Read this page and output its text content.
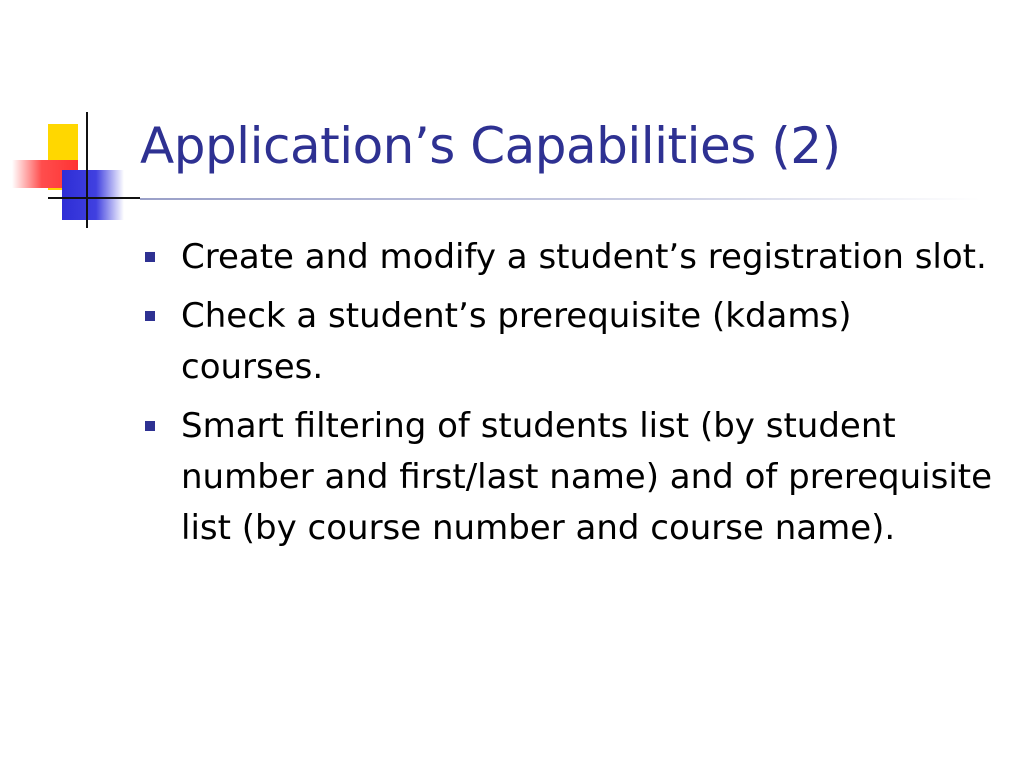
Application’s Capabilities (2)
Create and modify a student’s registration slot.
Check a student’s prerequisite (kdams) courses.
Smart filtering of students list (by student number and first/last name) and of prerequisite list (by course number and course name).
